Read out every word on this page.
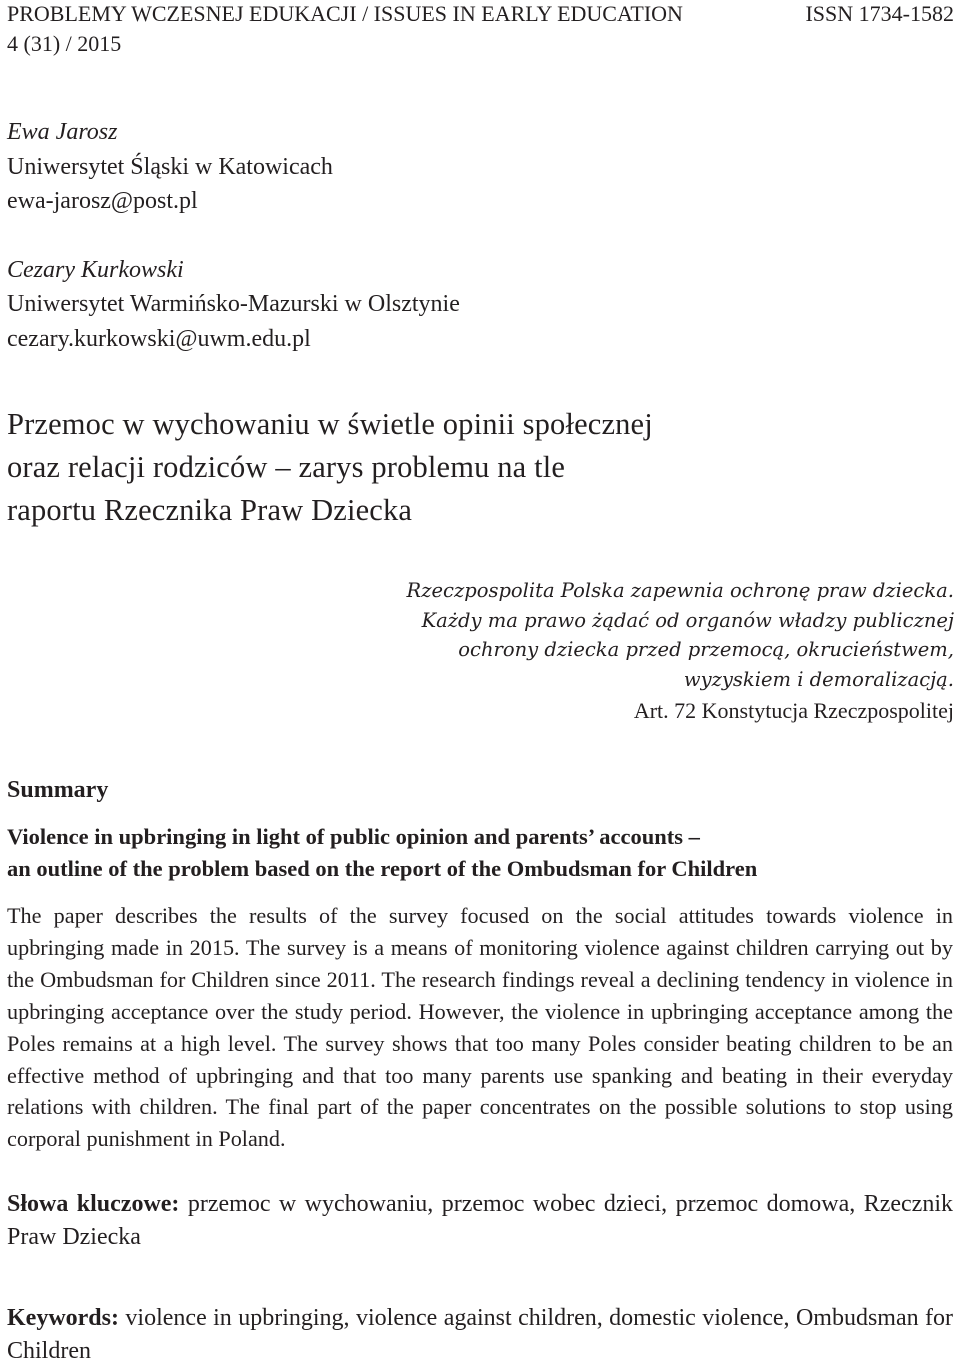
PROBLEMY WCZESNEJ EDUKACJI / ISSUES IN EARLY EDUCATION	ISSN 1734-1582
4 (31) / 2015
Ewa Jarosz
Uniwersytet Śląski w Katowicach
ewa-jarosz@post.pl
Cezary Kurkowski
Uniwersytet Warmińsko-Mazurski w Olsztynie
cezary.kurkowski@uwm.edu.pl
Przemoc w wychowaniu w świetle opinii społecznej
oraz relacji rodziców – zarys problemu na tle
raportu Rzecznika Praw Dziecka
Rzeczpospolita Polska zapewnia ochronę praw dziecka.
Każdy ma prawo żądać od organów władzy publicznej
ochrony dziecka przed przemocą, okrucieństwem,
wyzyskiem i demoralizacją.
Art. 72 Konstytucja Rzeczpospolitej
Summary
Violence in upbringing in light of public opinion and parents’ accounts –
an outline of the problem based on the report of the Ombudsman for Children
The paper describes the results of the survey focused on the social attitudes towards violence in upbringing made in 2015. The survey is a means of monitoring violence against children carrying out by the Ombudsman for Children since 2011. The research findings reveal a declining tendency in violence in upbringing acceptance over the study period. However, the violence in upbringing acceptance among the Poles remains at a high level. The survey shows that too many Poles consider beating children to be an effective method of upbringing and that too many parents use spanking and beating in their everyday relations with children. The final part of the paper concentrates on the possible solutions to stop using corporal punishment in Poland.
Słowa kluczowe: przemoc w wychowaniu, przemoc wobec dzieci, przemoc domowa, Rzecznik Praw Dziecka
Keywords: violence in upbringing, violence against children, domestic violence, Ombudsman for Children
